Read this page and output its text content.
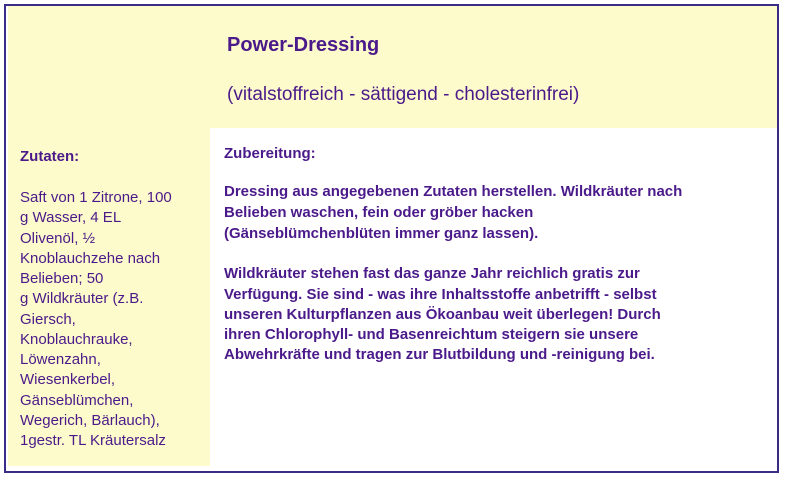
Power-Dressing
(vitalstoffreich - sättigend - cholesterinfrei)
Zutaten:
Saft von 1 Zitrone, 100
g Wasser, 4 EL
Olivenöl, ½
Knoblauchzehe nach
Belieben; 50
g Wildkräuter (z.B.
Giersch,
Knoblauchrauke,
Löwenzahn,
Wiesenkerbel,
Gänseblümchen,
Wegerich, Bärlauch),
1gestr. TL Kräutersalz
Zubereitung:
Dressing aus angegebenen Zutaten herstellen. Wildkräuter nach
Belieben waschen, fein oder gröber hacken
(Gänseblümchenblüten immer ganz lassen).
Wildkräuter stehen fast das ganze Jahr reichlich gratis zur
Verfügung. Sie sind - was ihre Inhaltsstoffe anbetrifft - selbst
unseren Kulturpflanzen aus Ökoanbau weit überlegen! Durch
ihren Chlorophyll- und Basenreichtum steigern sie unsere
Abwehrkräfte und tragen zur Blutbildung und -reinigung bei.
